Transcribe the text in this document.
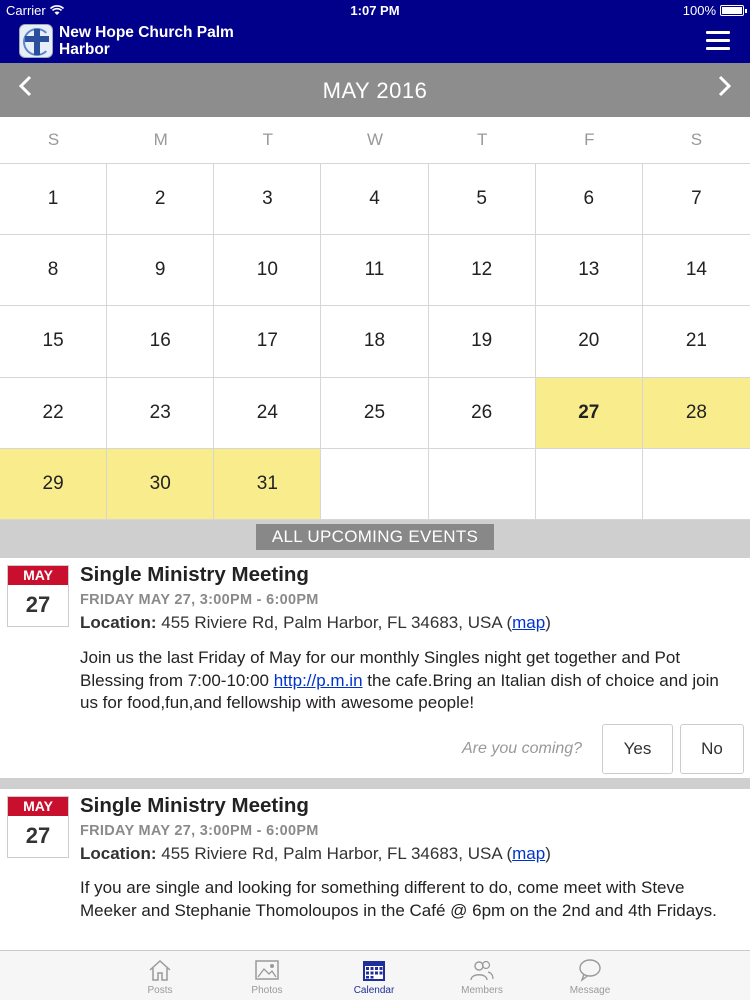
Carrier	1:07 PM	100%
New Hope Church Palm Harbor
MAY 2016
S	M	T	W	T	F	S
1	2	3	4	5	6	7
8	9	10	11	12	13	14
15	16	17	18	19	20	21
22	23	24	25	26	27	28
29	30	31
ALL UPCOMING EVENTS
MAY
27
Single Ministry Meeting
FRIDAY MAY 27, 3:00PM - 6:00PM
Location: 455 Riviere Rd, Palm Harbor, FL 34683, USA (map)
Join us the last Friday of May for our monthly Singles night get together and Pot Blessing from 7:00-10:00 http://p.m.in the cafe.Bring an Italian dish of choice and join us for food,fun,and fellowship with awesome people!
Are you coming?	Yes	No
MAY
27
Single Ministry Meeting
FRIDAY MAY 27, 3:00PM - 6:00PM
Location: 455 Riviere Rd, Palm Harbor, FL 34683, USA (map)
If you are single and looking for something different to do, come meet with Steve Meeker and Stephanie Thomoloupos in the Café @ 6pm on the 2nd and 4th Fridays.
Posts	Photos	Calendar	Members	Message
